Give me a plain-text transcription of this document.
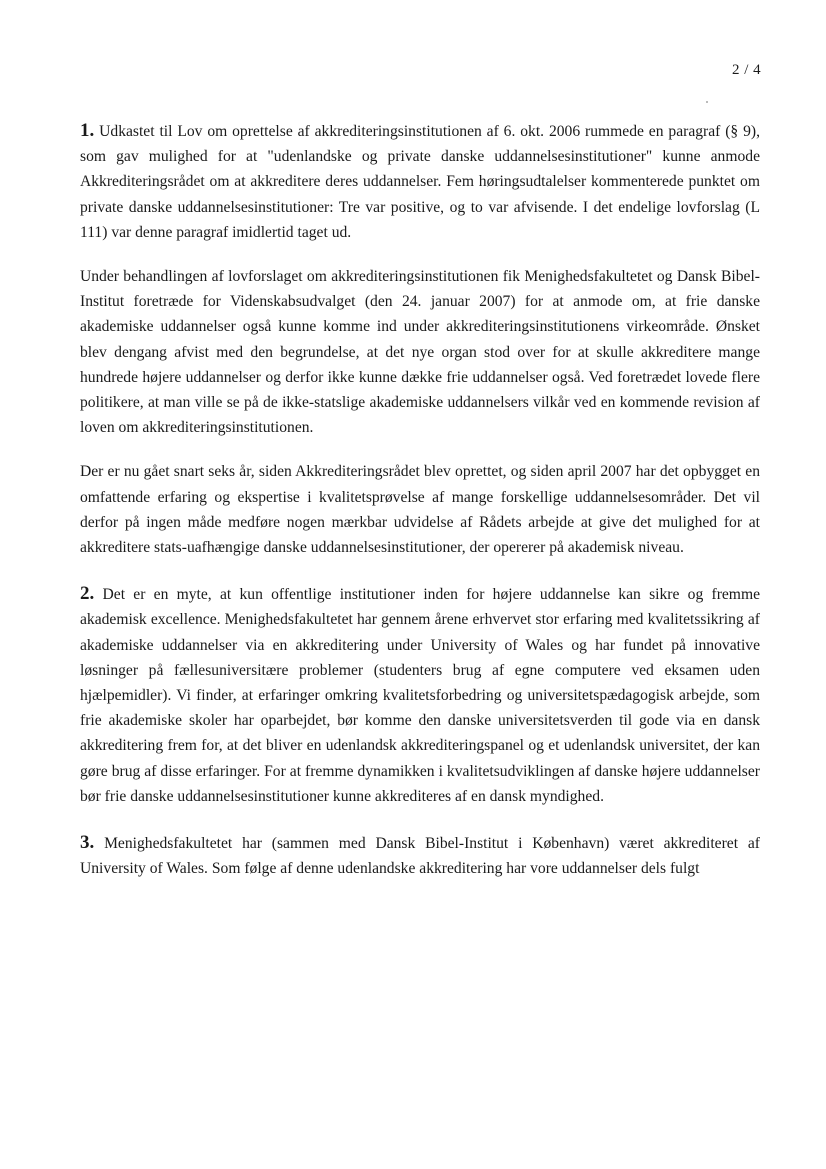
2 / 4

1. Udkastet til Lov om oprettelse af akkrediteringsinstitutionen af 6. okt. 2006 rummede en paragraf (§ 9), som gav mulighed for at "udenlandske og private danske uddannelsesinstitutioner" kunne anmode Akkrediteringsrådet om at akkreditere deres uddannelser. Fem høringsudtalelser kommenterede punktet om private danske uddannelsesinstitutioner: Tre var positive, og to var afvisende. I det endelige lovforslag (L 111) var denne paragraf imidlertid taget ud.

Under behandlingen af lovforslaget om akkrediteringsinstitutionen fik Menighedsfakultetet og Dansk Bibel-Institut foretræde for Videnskabsudvalget (den 24. januar 2007) for at anmode om, at frie danske akademiske uddannelser også kunne komme ind under akkrediteringsinstitutionens virkeområde. Ønsket blev dengang afvist med den begrundelse, at det nye organ stod over for at skulle akkreditere mange hundrede højere uddannelser og derfor ikke kunne dække frie uddannelser også. Ved foretrædet lovede flere politikere, at man ville se på de ikke-statslige akademiske uddannelsers vilkår ved en kommende revision af loven om akkrediteringsinstitutionen.

Der er nu gået snart seks år, siden Akkrediteringsrådet blev oprettet, og siden april 2007 har det opbygget en omfattende erfaring og ekspertise i kvalitetsprøvelse af mange forskellige uddannelsesområder. Det vil derfor på ingen måde medføre nogen mærkbar udvidelse af Rådets arbejde at give det mulighed for at akkreditere stats-uafhængige danske uddannelsesinstitutioner, der opererer på akademisk niveau.

2. Det er en myte, at kun offentlige institutioner inden for højere uddannelse kan sikre og fremme akademisk excellence. Menighedsfakultetet har gennem årene erhvervet stor erfaring med kvalitetssikring af akademiske uddannelser via en akkreditering under University of Wales og har fundet på innovative løsninger på fællesuniversitære problemer (studenters brug af egne computere ved eksamen uden hjælpemidler). Vi finder, at erfaringer omkring kvalitetsforbedring og universitetspædagogisk arbejde, som frie akademiske skoler har oparbejdet, bør komme den danske universitetsverden til gode via en dansk akkreditering frem for, at det bliver en udenlandsk akkrediteringspanel og et udenlandsk universitet, der kan gøre brug af disse erfaringer. For at fremme dynamikken i kvalitetsudviklingen af danske højere uddannelser bør frie danske uddannelsesinstitutioner kunne akkrediteres af en dansk myndighed.

3. Menighedsfakultetet har (sammen med Dansk Bibel-Institut i København) været akkrediteret af University of Wales. Som følge af denne udenlandske akkreditering har vore uddannelser dels fulgt
